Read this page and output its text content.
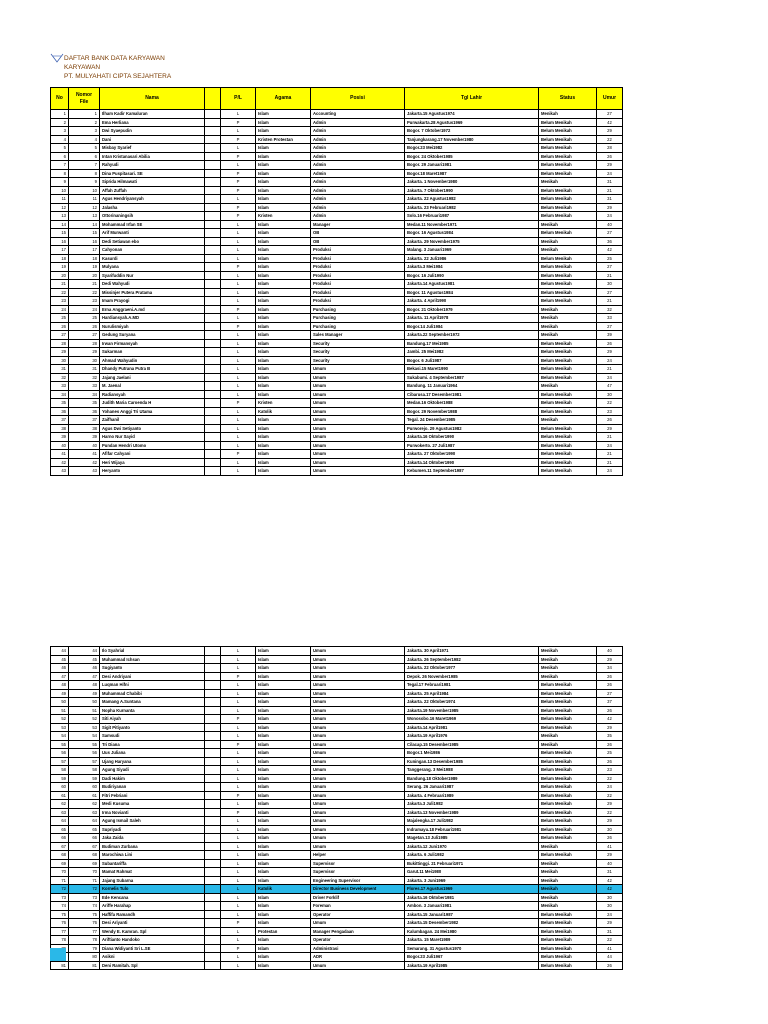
DAFTAR BANK DATA KARYAWAN
KARYAWAN
PT. MULYAHATI CIPTA SEJAHTERA
No	Nomor File	Nama		P/L	Agama	Posisi	Tgl Lahir	Status	Umur
1	1	Ilham Kadir Kamaluran		L	Islam	Accounting	Jakarta.15 Agustus1974	Menikah	27
2	2	Ema Herliana		P	Islam	Admin	Purwakarta.28 Agustus1969	Belum Menikah	42
3	3	Dwi Syaepudin		L	Islam	Admin	Bogor. 7 Oktober1972	Belum Menikah	29
4	4	Dani		P	Kristen Protestan	Admin	Tanjungkarang.17 November1980	Belum Menikah	22
5	5	Misbay Syarief		L	Islam	Admin	Bogor.23 Mei1982	Belum Menikah	28
6	6	Intan Kristanasari Abilia		P	Islam	Admin	Bogor. 24 Oktober1985	Belum Menikah	26
7	7	Rahyudi		L	Islam	Admin	Bogor. 29 Januari1981	Belum Menikah	29
8	8	Dina Puspitasari. SE		P	Islam	Admin	Bogor.18 Maret1987	Belum Menikah	24
9	9	Siprida Hilmawati		P	Islam	Admin	Jakarta. 1 November1980	Menikah	31
10	10	Affah Zuffah		P	Islam	Admin	Jakarta. 7 Oktober1990	Belum Menikah	21
11	11	Agus Hendriyansyah		L	Islam	Admin	Jakarta. 22 Agustus1982	Belum Menikah	31
12	12	Jalasha		P	Islam	Admin	Jakarta. 23 Februari1982	Belum Menikah	29
13	13	Ottorinaningsih		P	Kristen	Admin	Solo.16 Februari1987	Belum Menikah	24
14	14	Mohammad Irfan SE		L	Islam	Manager	Medan.11 November1971	Menikah	40
15	15	Arif Murwanti		L	Islam	OB	Bogor. 16 Agustus1984	Belum Menikah	27
16	16	Dedi Setiawan ebo		L	Islam	OB	Jakarta. 29 November1975	Menikah	36
17	17	Cahyonan		L	Islam	Produksi	Malang. 3 Januari1969	Menikah	42
18	18	Kasurdi		L	Islam	Produksi	Jakarta. 22 Juli1986	Belum Menikah	25
19	19	Mulyana		P	Islam	Produksi	Jakarta.3 Mei1984	Belum Menikah	27
20	20	Syarifuddin Nur		L	Islam	Produksi	Bogor. 16 Juli1990	Belum Menikah	21
21	21	Dedi Wahyudi		L	Islam	Produksi	Jakarta.14 Agustus1981	Belum Menikah	30
22	22	Missinjer Putera Pratama		L	Islam	Produksi	Bogor. 11 Agustus1984	Belum Menikah	27
23	23	Imam Prayogi		L	Islam	Produksi	Jakarta. 4 April1990	Belum Menikah	21
24	24	Erna Anggraeni.A.md		P	Islam	Purchasing	Bogor. 21 Oktober1979	Menikah	32
25	25	Hardiansyah.A.MD		L	Islam	Purchasing	Jakarta. 11 April1978	Menikah	33
26	26	Nurulismiyah		P	Islam	Purchasing	Bogor.14 Juli1984	Menikah	27
27	27	Gedung Suryana		L	Islam	Sales Manager	Jakarta.22 September1972	Menikah	39
28	28	Irwan Firmansyah		L	Islam	Security	Bandung.17 Mei1985	Belum Menikah	26
29	29	Sukarman		L	Islam	Security	Jambi. 25 Mei1982	Belum Menikah	29
30	30	Ahmad Wahyudin		L	Islam	Security	Bogor. 6 Juli1987	Belum Menikah	24
31	31	Dhandy Putrana Putra B		L	Islam	Umum	Bekasi.15 Maret1990	Belum Menikah	21
32	32	Jajang Jaelani		L	Islam	Umum	Sukabumi. 4 September1987	Belum Menikah	24
33	33	M. Jaenal		L	Islam	Umum	Bandung. 11 Januari1964	Menikah	47
34	34	Radiansyah		L	Islam	Umum	Cibarusa.17 Desember1981	Belum Menikah	30
35	35	Judith Maria Caroenda H		P	Kristen	Umum	Medan.16 Oktober1988	Belum Menikah	22
36	36	Yohanes Anggi Tri Utama		L	Katolik	Umum	Bogor. 29 November1988	Belum Menikah	23
37	37	Zaifhanil		L	Islam	Umum	Tegal. 24 Desember1985	Menikah	26
38	38	Agus Dwi Setiyanto		L	Islam	Umum	Purworejo. 29 Agustus1982	Belum Menikah	29
39	39	Harno Nur Sayid		L	Islam	Umum	Jakarta.16 Oktober1990	Belum Menikah	21
40	40	Pundan Hendri Utomo		L	Islam	Umum	Purwokerto. 27 Juli1987	Belum Menikah	24
41	41	Afifar Cahyani		P	Islam	Umum	Jakarta. 27 Oktober1990	Belum Menikah	21
42	42	Heri Wijaya		L	Islam	Umum	Jakarta.14 Oktober1990	Belum Menikah	21
43	43	Heryanto		L	Islam	Umum	Kebumen.11 September1987	Belum Menikah	24
44	44	Ilo Syahrial		L	Islam	Umum	Jakarta. 30 April1971	Menikah	40
45	45	Muhammad Ichsan		L	Islam	Umum	Jakarta. 26 September1982	Menikah	29
46	46	Sugiyanto		L	Islam	Umum	Jakarta. 22 Oktober1977	Menikah	34
47	47	Desi Andriyani		P	Islam	Umum	Depok. 26 November1985	Menikah	26
48	48	Luqman Hifni		L	Islam	Umum	Tegal.17 Februari1981	Belum Menikah	26
49	49	Muhammad Chabibi		L	Islam	Umum	Jakarta. 25 April1984	Belum Menikah	27
50	50	Mamang A.Suntana		L	Islam	Umum	Jakarta. 22 Oktober1974	Belum Menikah	37
51	51	Nopha Kurnanta		L	Islam	Umum	Jakarta.19 November1985	Belum Menikah	26
52	52	Siti Aiyah		P	Islam	Umum	Wonosobo.16 Maret1969	Belum Menikah	42
53	53	Sigit Pitiyanto		L	Islam	Umum	Jakarta.14 April1981	Belum Menikah	29
54	54	Samsudi		L	Islam	Umum	Jakarta.19 April1976	Menikah	35
55	55	Tri Diana		P	Islam	Umum	Cilacap.15 Desember1985	Menikah	26
56	56	Uus Juliana		L	Islam	Umum	Bogor.1 Mei1986	Belum Menikah	25
57	57	Ujang Haryana		L	Islam	Umum	Kuningan.13 Desember1985	Belum Menikah	26
58	58	Agung Siyadi		L	Islam	Umum	Tanggerang. 3 Mei1988	Belum Menikah	23
59	59	Dadi Hakim		L	Islam	Umum	Bandung.18 Oktober1989	Belum Menikah	22
60	60	Budiriyanan		L	Islam	Umum	Serang. 26 Januari1987	Belum Menikah	24
61	61	Fitri Febriani		P	Islam	Umum	Jakarta. 4 Februari1989	Belum Menikah	22
62	62	Medi Kusuma		L	Islam	Umum	Jakarta.3 Juli1982	Belum Menikah	29
63	63	Irma Novianti		P	Islam	Umum	Jakarta.13 November1989	Belum Menikah	22
64	64	Agung Ismail Saleh		L	Islam	Umum	Majalengka.17 Juli1982	Belum Menikah	29
65	65	Supriyadi		L	Islam	Umum	Indramayu.18 Februari1981	Belum Menikah	30
66	66	Jaka Zaida		L	Islam	Umum	Magetan.13 Juli1985	Belum Menikah	26
67	67	Budiman Zurbana		L	Islam	Umum	Jakarta.12 Juni1970	Menikah	41
68	68	Marochiwa Lini		L	Islam	Helper	Jakarta. 6 Juli1982	Belum Menikah	29
69	69	Subantariffa		L	Islam	Supervisor	Bukittinggi. 21 Februari1971	Menikah	40
70	70	Mamat Rahmat		L	Islam	Supervisor	Garut.11 Mei1980	Menikah	31
71	71	Jajang Subarna		L	Islam	Engineering Supervisor	Jakarta. 3 Juni1969	Menikah	42
72	72	Kornelis Tulo		L	Katolik	Director Business Development	Flores.17 Agustus1969	Menikah	42
73	73	Ede Kencana		L	Islam	Driver Forklif	Jakarta.16 Oktober1981	Menikah	30
74	74	Ariffe Harahap		L	Islam	Foreman	Ambon. 3 Januari1981	Menikah	30
75	75	Haffifa Ramandh		L	Islam	Operator	Jakarta.15 Januari1987	Belum Menikah	24
76	76	Desi Ariyanti		P	Islam	Umum	Jakarta.15 Desember1982	Belum Menikah	29
77	77	Wendy E. Kamran. Spl		L	Protestan	Manager Pengadaan	Kalumbagan. 24 Mei1980	Belum Menikah	31
78	78	Ariftianto Handoko		L	Islam	Operator	Jakarta. 15 Maret1989	Belum Menikah	22
	79	Diana Widiyanti Sri L.SE		P	Islam	Administrasi	Semarang. 31 Agustus1970	Belum Menikah	41
	80	Asikni		L	Islam	ADR	Bogor.23 Juli1967	Belum Menikah	44
81	81	Deni Ramitah. Spl		L	Islam	Umum	Jakarta.19 April1985	Belum Menikah	26
